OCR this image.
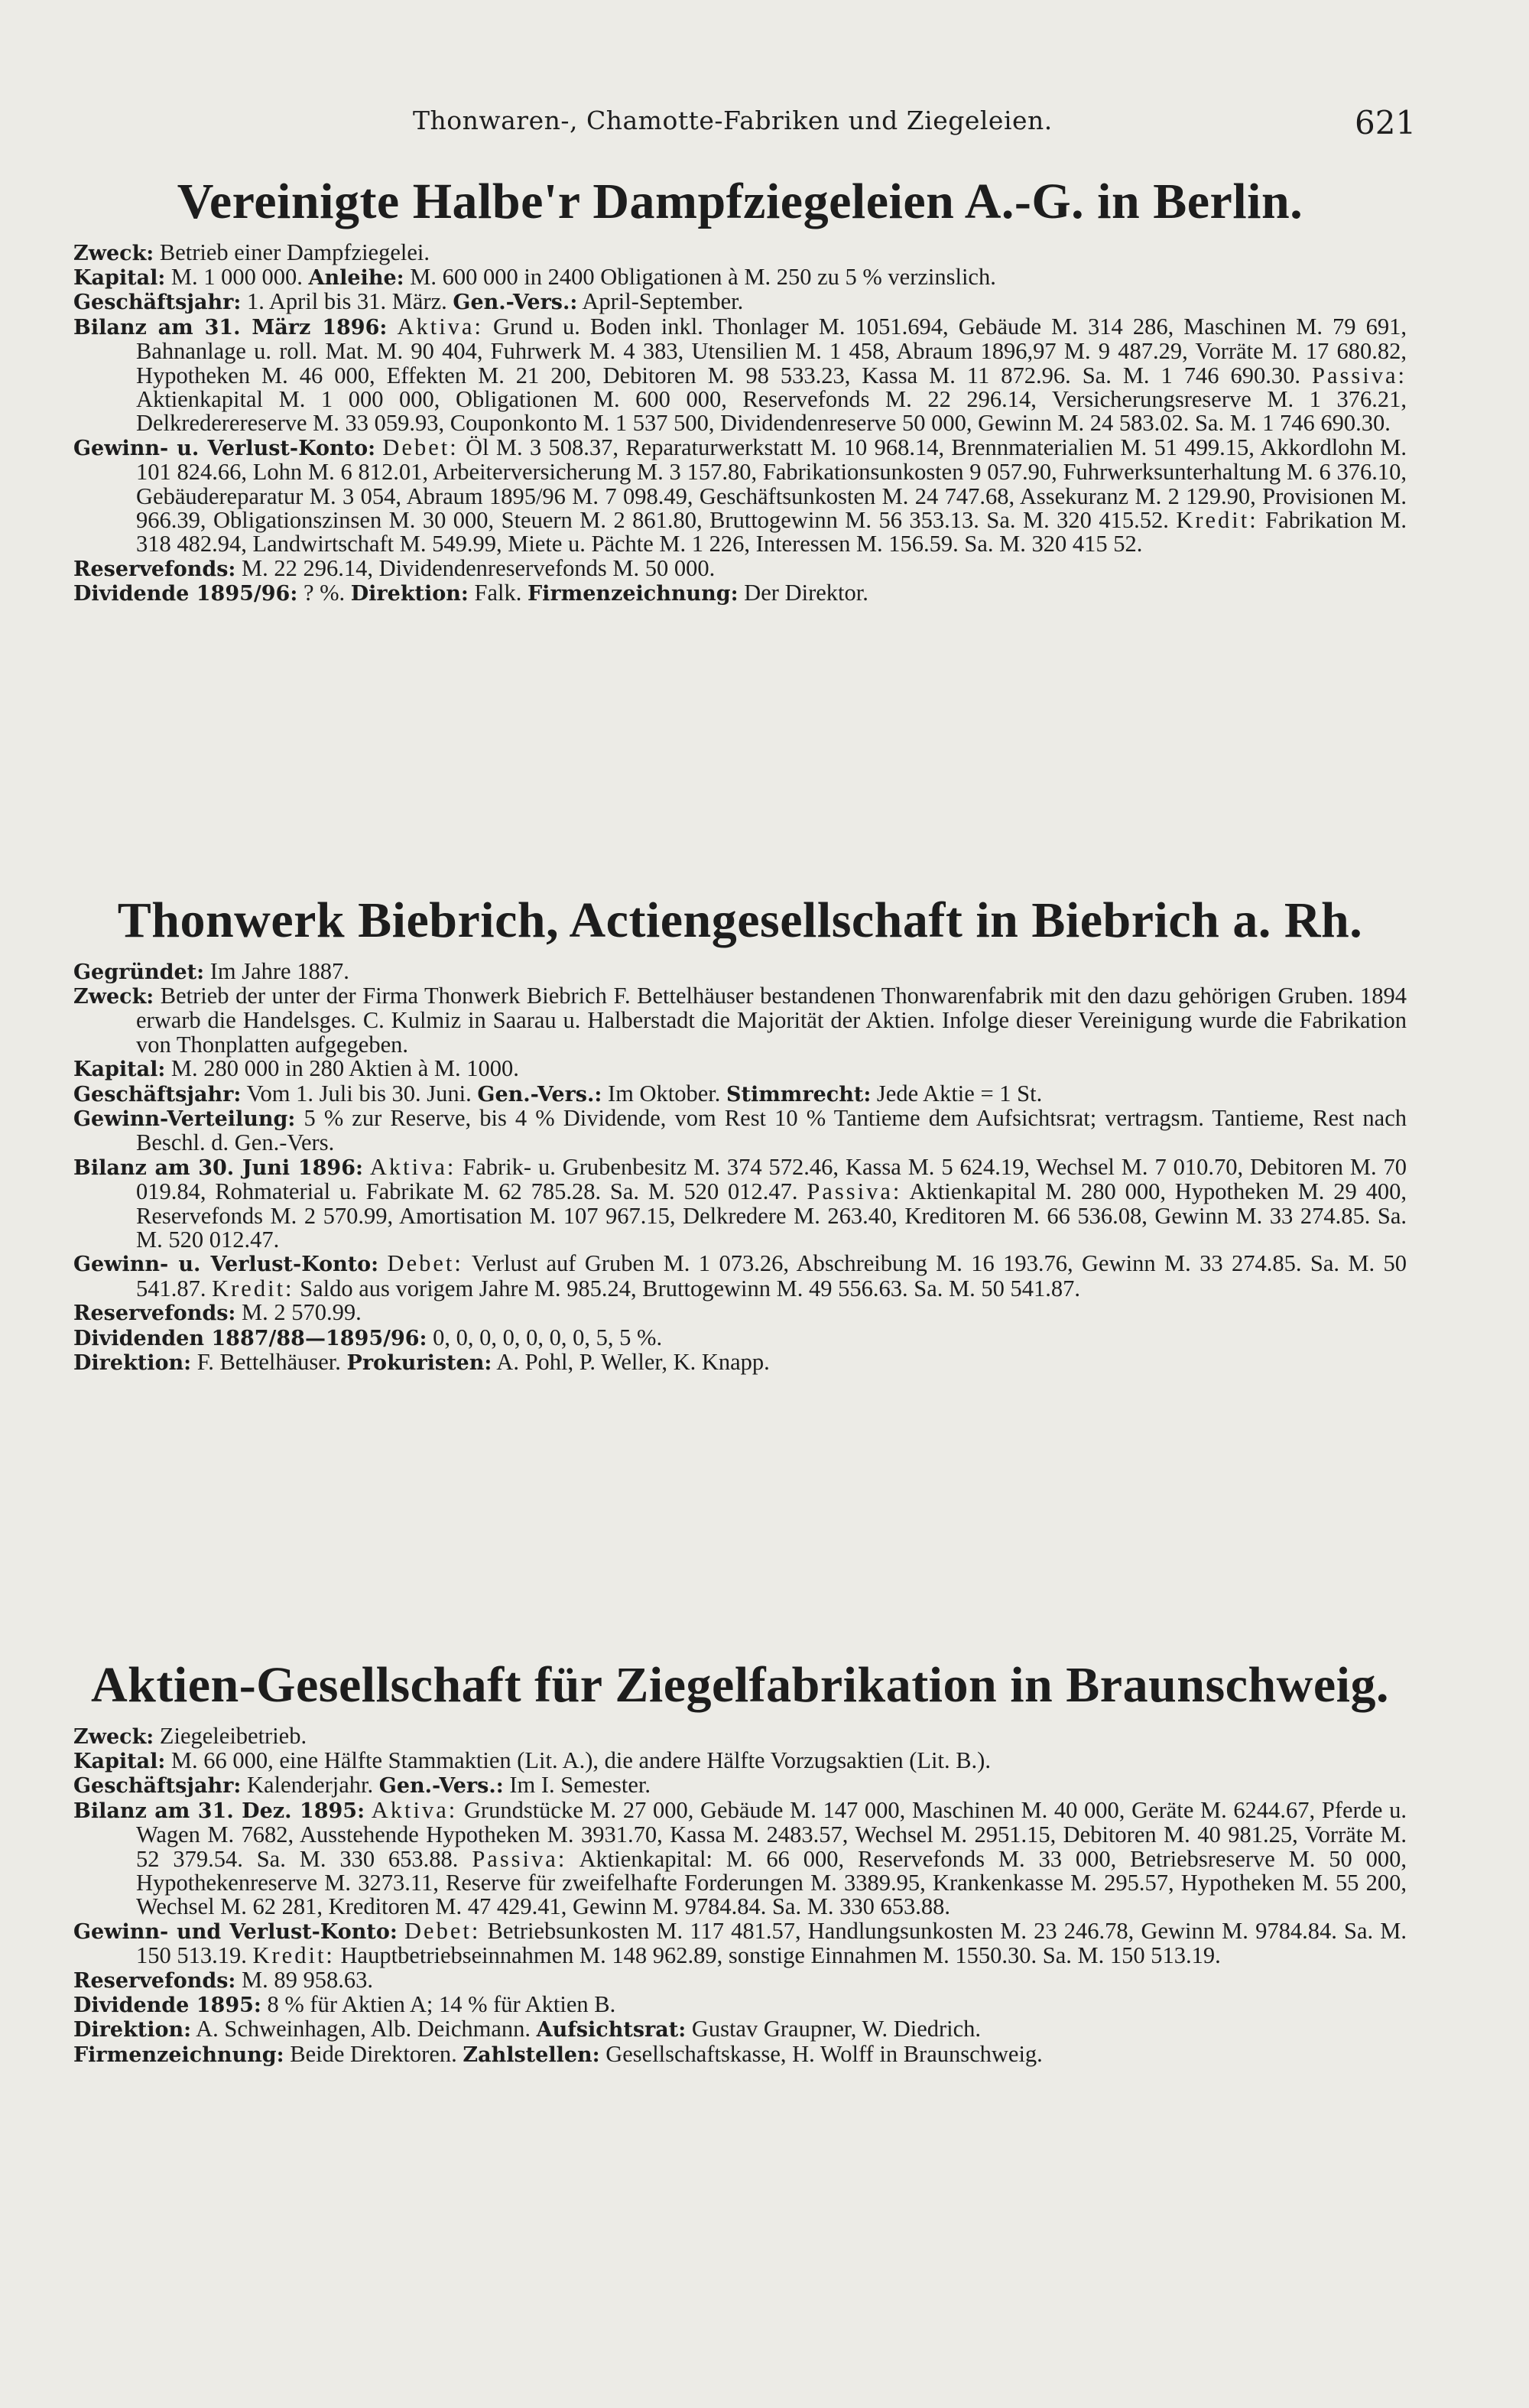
Thonwaren-, Chamotte-Fabriken und Ziegeleien.	621
Vereinigte Halbe'r Dampfziegeleien A.-G. in Berlin.

Zweck: Betrieb einer Dampfziegelei.

Kapital: M. 1 000 000. Anleihe: M. 600 000 in 2400 Obligationen à M. 250 zu 5 % verzinslich.

Geschäftsjahr: 1. April bis 31. März. Gen.-Vers.: April-September.

Bilanz am 31. März 1896: Aktiva: Grund u. Boden inkl. Thonlager M. 1051.694, Gebäude M. 314 286, Maschinen M. 79 691, Bahnanlage u. roll. Mat. M. 90 404, Fuhrwerk M. 4 383, Utensilien M. 1 458, Abraum 1896,97 M. 9 487.29, Vorräte M. 17 680.82, Hypotheken M. 46 000, Effekten M. 21 200, Debitoren M. 98 533.23, Kassa M. 11 872.96. Sa. M. 1 746 690.30. Passiva: Aktienkapital M. 1 000 000, Obligationen M. 600 000, Reservefonds M. 22 296.14, Versicherungsreserve M. 1 376.21, Delkrederereserve M. 33 059.93, Couponkonto M. 1 537 500, Dividendenreserve 50 000, Gewinn M. 24 583.02. Sa. M. 1 746 690.30.

Gewinn- u. Verlust-Konto: Debet: Öl M. 3 508.37, Reparaturwerkstatt M. 10 968.14, Brennmaterialien M. 51 499.15, Akkordlohn M. 101 824.66, Lohn M. 6 812.01, Arbeiterversicherung M. 3 157.80, Fabrikationsunkosten 9 057.90, Fuhrwerksunterhaltung M. 6 376.10, Gebäudereparatur M. 3 054, Abraum 1895/96 M. 7 098.49, Geschäftsunkosten M. 24 747.68, Assekuranz M. 2 129.90, Provisionen M. 966.39, Obligationszinsen M. 30 000, Steuern M. 2 861.80, Bruttogewinn M. 56 353.13. Sa. M. 320 415.52. Kredit: Fabrikation M. 318 482.94, Landwirtschaft M. 549.99, Miete u. Pächte M. 1 226, Interessen M. 156.59. Sa. M. 320 415 52.

Reservefonds: M. 22 296.14, Dividendenreservefonds M. 50 000.

Dividende 1895/96: ? %. Direktion: Falk. Firmenzeichnung: Der Direktor.

Thonwerk Biebrich, Actiengesellschaft in Biebrich a. Rh.

Gegründet: Im Jahre 1887.

Zweck: Betrieb der unter der Firma Thonwerk Biebrich F. Bettelhäuser bestandenen Thonwarenfabrik mit den dazu gehörigen Gruben. 1894 erwarb die Handelsges. C. Kulmiz in Saarau u. Halberstadt die Majorität der Aktien. Infolge dieser Vereinigung wurde die Fabrikation von Thonplatten aufgegeben.

Kapital: M. 280 000 in 280 Aktien à M. 1000.

Geschäftsjahr: Vom 1. Juli bis 30. Juni. Gen.-Vers.: Im Oktober. Stimmrecht: Jede Aktie = 1 St.

Gewinn-Verteilung: 5 % zur Reserve, bis 4 % Dividende, vom Rest 10 % Tantieme dem Aufsichtsrat; vertragsm. Tantieme, Rest nach Beschl. d. Gen.-Vers.

Bilanz am 30. Juni 1896: Aktiva: Fabrik- u. Grubenbesitz M. 374 572.46, Kassa M. 5 624.19, Wechsel M. 7 010.70, Debitoren M. 70 019.84, Rohmaterial u. Fabrikate M. 62 785.28. Sa. M. 520 012.47. Passiva: Aktienkapital M. 280 000, Hypotheken M. 29 400, Reservefonds M. 2 570.99, Amortisation M. 107 967.15, Delkredere M. 263.40, Kreditoren M. 66 536.08, Gewinn M. 33 274.85. Sa. M. 520 012.47.

Gewinn- u. Verlust-Konto: Debet: Verlust auf Gruben M. 1 073.26, Abschreibung M. 16 193.76, Gewinn M. 33 274.85. Sa. M. 50 541.87. Kredit: Saldo aus vorigem Jahre M. 985.24, Bruttogewinn M. 49 556.63. Sa. M. 50 541.87.

Reservefonds: M. 2 570.99.

Dividenden 1887/88—1895/96: 0, 0, 0, 0, 0, 0, 0, 5, 5 %.

Direktion: F. Bettelhäuser. Prokuristen: A. Pohl, P. Weller, K. Knapp.

Aktien-Gesellschaft für Ziegelfabrikation in Braunschweig.

Zweck: Ziegeleibetrieb.

Kapital: M. 66 000, eine Hälfte Stammaktien (Lit. A.), die andere Hälfte Vorzugsaktien (Lit. B.).

Geschäftsjahr: Kalenderjahr. Gen.-Vers.: Im I. Semester.

Bilanz am 31. Dez. 1895: Aktiva: Grundstücke M. 27 000, Gebäude M. 147 000, Maschinen M. 40 000, Geräte M. 6244.67, Pferde u. Wagen M. 7682, Ausstehende Hypotheken M. 3931.70, Kassa M. 2483.57, Wechsel M. 2951.15, Debitoren M. 40 981.25, Vorräte M. 52 379.54. Sa. M. 330 653.88. Passiva: Aktienkapital: M. 66 000, Reservefonds M. 33 000, Betriebsreserve M. 50 000, Hypothekenreserve M. 3273.11, Reserve für zweifelhafte Forderungen M. 3389.95, Krankenkasse M. 295.57, Hypotheken M. 55 200, Wechsel M. 62 281, Kreditoren M. 47 429.41, Gewinn M. 9784.84. Sa. M. 330 653.88.

Gewinn- und Verlust-Konto: Debet: Betriebsunkosten M. 117 481.57, Handlungsunkosten M. 23 246.78, Gewinn M. 9784.84. Sa. M. 150 513.19. Kredit: Hauptbetriebseinnahmen M. 148 962.89, sonstige Einnahmen M. 1550.30. Sa. M. 150 513.19.

Reservefonds: M. 89 958.63.

Dividende 1895: 8 % für Aktien A; 14 % für Aktien B.

Direktion: A. Schweinhagen, Alb. Deichmann. Aufsichtsrat: Gustav Graupner, W. Diedrich.

Firmenzeichnung: Beide Direktoren. Zahlstellen: Gesellschaftskasse, H. Wolff in Braunschweig.
